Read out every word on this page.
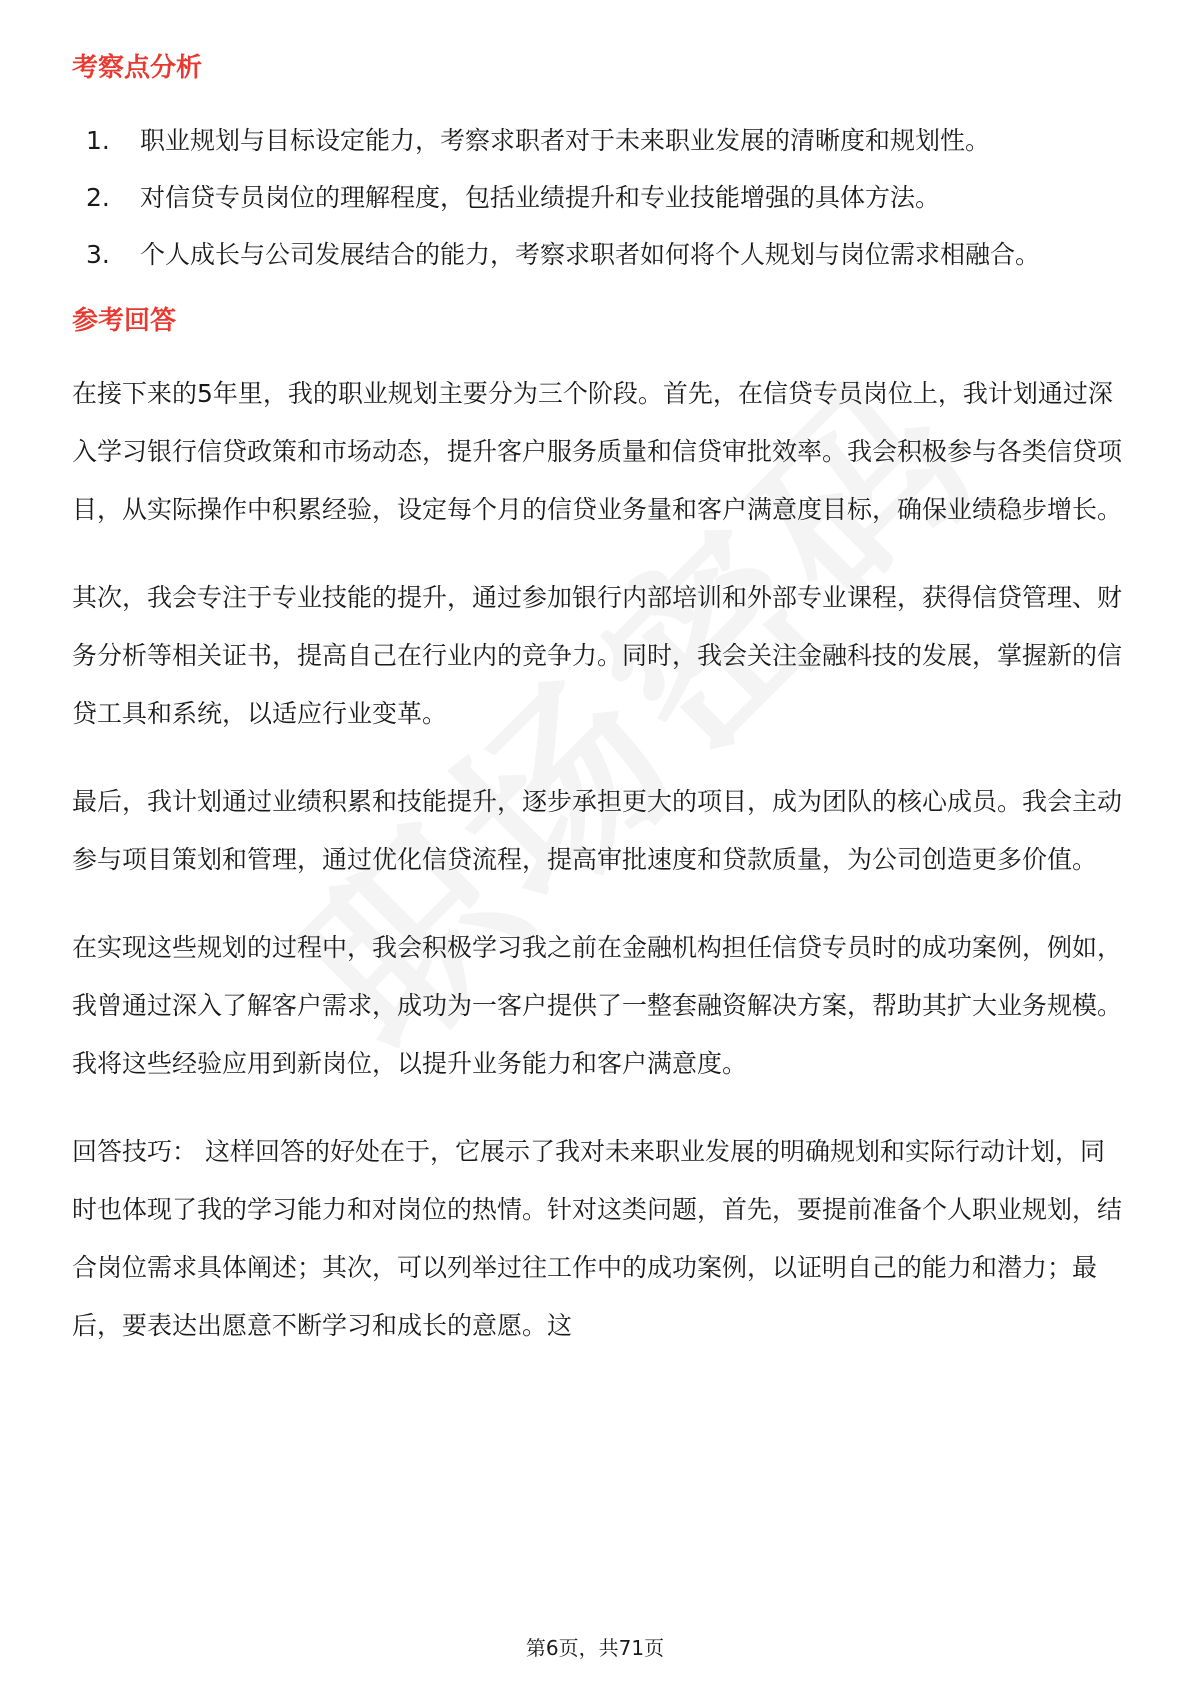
考察点分析
1.	职业规划与目标设定能力，考察求职者对于未来职业发展的清晰度和规划性。
2.	对信贷专员岗位的理解程度，包括业绩提升和专业技能增强的具体方法。
3.	个人成长与公司发展结合的能力，考察求职者如何将个人规划与岗位需求相融合。
参考回答

在接下来的5年里，我的职业规划主要分为三个阶段。首先，在信贷专员岗位上，我计划通过深入学习银行信贷政策和市场动态，提升客户服务质量和信贷审批效率。我会积极参与各类信贷项目，从实际操作中积累经验，设定每个月的信贷业务量和客户满意度目标，确保业绩稳步增长。

其次，我会专注于专业技能的提升，通过参加银行内部培训和外部专业课程，获得信贷管理、财务分析等相关证书，提高自己在行业内的竞争力。同时，我会关注金融科技的发展，掌握新的信贷工具和系统，以适应行业变革。

最后，我计划通过业绩积累和技能提升，逐步承担更大的项目，成为团队的核心成员。我会主动参与项目策划和管理，通过优化信贷流程，提高审批速度和贷款质量，为公司创造更多价值。

在实现这些规划的过程中，我会积极学习我之前在金融机构担任信贷专员时的成功案例，例如，我曾通过深入了解客户需求，成功为一客户提供了一整套融资解决方案，帮助其扩大业务规模。我将这些经验应用到新岗位，以提升业务能力和客户满意度。

回答技巧： 这样回答的好处在于，它展示了我对未来职业发展的明确规划和实际行动计划，同时也体现了我的学习能力和对岗位的热情。针对这类问题，首先，要提前准备个人职业规划，结合岗位需求具体阐述；其次，可以列举过往工作中的成功案例，以证明自己的能力和潜力；最后，要表达出愿意不断学习和成长的意愿。这

第6页，共71页
